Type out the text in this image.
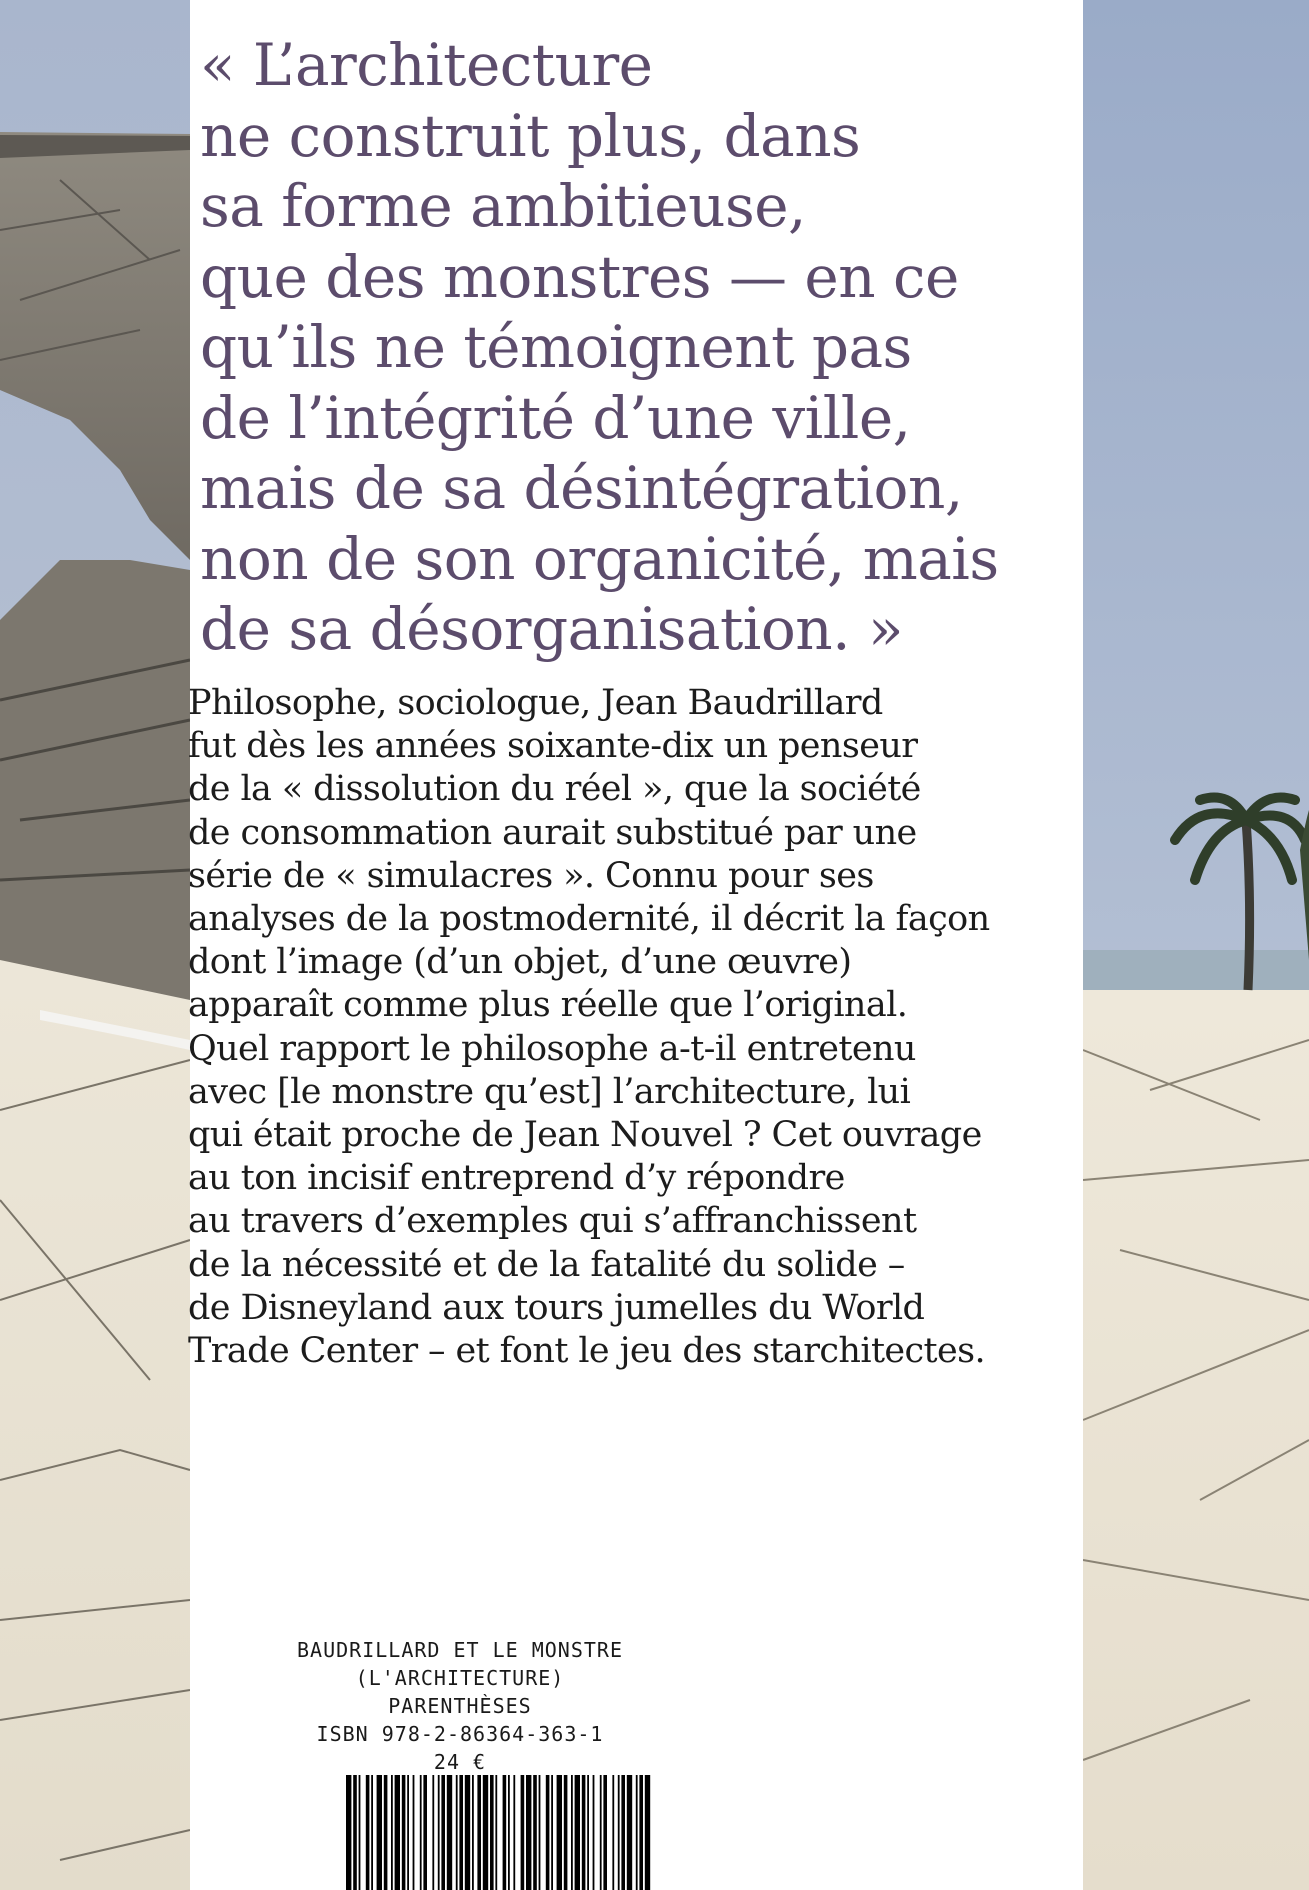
« L’architecture
ne construit plus, dans
sa forme ambitieuse,
que des monstres — en ce
qu’ils ne témoignent pas
de l’intégrité d’une ville,
mais de sa désintégration,
non de son organicité, mais
de sa désorganisation. »

Philosophe, sociologue, Jean Baudrillard
fut dès les années soixante-dix un penseur
de la « dissolution du réel », que la société
de consommation aurait substitué par une
série de « simulacres ». Connu pour ses
analyses de la postmodernité, il décrit la façon
dont l’image (d’un objet, d’une œuvre)
apparaît comme plus réelle que l’original.
Quel rapport le philosophe a-t-il entretenu
avec [le monstre qu’est] l’architecture, lui
qui était proche de Jean Nouvel ? Cet ouvrage
au ton incisif entreprend d’y répondre
au travers d’exemples qui s’affranchissent
de la nécessité et de la fatalité du solide –
de Disneyland aux tours jumelles du World
Trade Center – et font le jeu des starchitectes.

BAUDRILLARD ET LE MONSTRE
(L'ARCHITECTURE)
PARENTHÈSES
ISBN 978-2-86364-363-1
24 €
